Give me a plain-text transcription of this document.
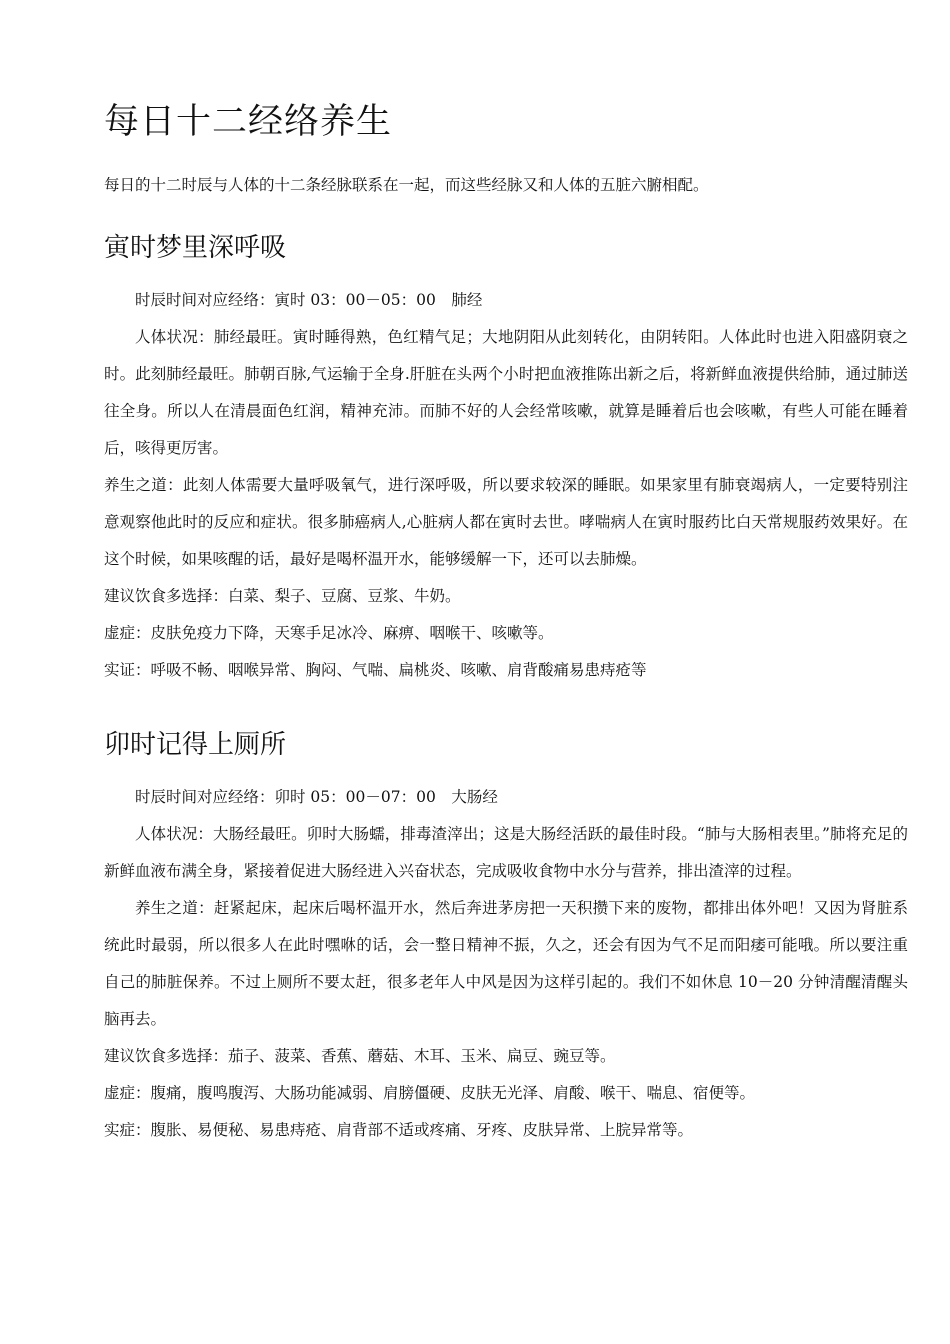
每日十二经络养生

每日的十二时辰与人体的十二条经脉联系在一起，而这些经脉又和人体的五脏六腑相配。

寅时梦里深呼吸

时辰时间对应经络：寅时 03：00－05：00　肺经

人体状况：肺经最旺。寅时睡得熟，色红精气足；大地阴阳从此刻转化，由阴转阳。人体此时也进入阳盛阴衰之时。此刻肺经最旺。肺朝百脉,气运输于全身.肝脏在头两个小时把血液推陈出新之后，将新鲜血液提供给肺，通过肺送往全身。所以人在清晨面色红润，精神充沛。而肺不好的人会经常咳嗽，就算是睡着后也会咳嗽，有些人可能在睡着后，咳得更厉害。

养生之道：此刻人体需要大量呼吸氧气，进行深呼吸，所以要求较深的睡眠。如果家里有肺衰竭病人，一定要特别注意观察他此时的反应和症状。很多肺癌病人,心脏病人都在寅时去世。哮喘病人在寅时服药比白天常规服药效果好。在这个时候，如果咳醒的话，最好是喝杯温开水，能够缓解一下，还可以去肺燥。

建议饮食多选择：白菜、梨子、豆腐、豆浆、牛奶。

虚症：皮肤免疫力下降，天寒手足冰冷、麻痹、咽喉干、咳嗽等。

实证：呼吸不畅、咽喉异常、胸闷、气喘、扁桃炎、咳嗽、肩背酸痛易患痔疮等

卯时记得上厕所

时辰时间对应经络：卯时 05：00－07：00　大肠经

人体状况：大肠经最旺。卯时大肠蠕，排毒渣滓出；这是大肠经活跃的最佳时段。“肺与大肠相表里。”肺将充足的新鲜血液布满全身，紧接着促进大肠经进入兴奋状态，完成吸收食物中水分与营养，排出渣滓的过程。

养生之道：赶紧起床，起床后喝杯温开水，然后奔进茅房把一天积攒下来的废物，都排出体外吧！又因为肾脏系统此时最弱，所以很多人在此时嘿咻的话，会一整日精神不振，久之，还会有因为气不足而阳痿可能哦。所以要注重自己的肺脏保养。不过上厕所不要太赶，很多老年人中风是因为这样引起的。我们不如休息 10－20 分钟清醒清醒头脑再去。

建议饮食多选择：茄子、菠菜、香蕉、蘑菇、木耳、玉米、扁豆、豌豆等。

虚症：腹痛，腹鸣腹泻、大肠功能减弱、肩膀僵硬、皮肤无光泽、肩酸、喉干、喘息、宿便等。

实症：腹胀、易便秘、易患痔疮、肩背部不适或疼痛、牙疼、皮肤异常、上脘异常等。
